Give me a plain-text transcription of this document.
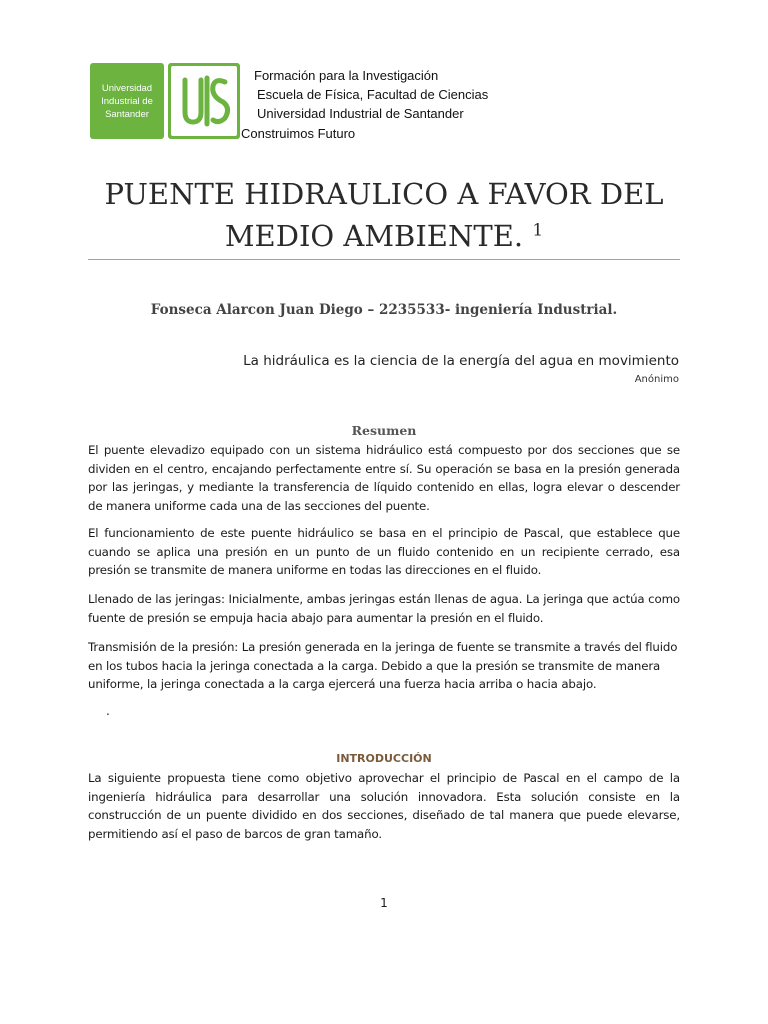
Universidad
Industrial de
Santander
Formación para la Investigación
Escuela de Física, Facultad de Ciencias
Universidad Industrial de Santander
Construimos Futuro
PUENTE HIDRAULICO A FAVOR DEL
MEDIO AMBIENTE. $^1$
Fonseca Alarcon Juan Diego – 2235533- ingeniería Industrial.
La hidráulica es la ciencia de la energía del agua en movimiento
Anónimo
Resumen

El puente elevadizo equipado con un sistema hidráulico está compuesto por dos secciones que se dividen en el centro, encajando perfectamente entre sí. Su operación se basa en la presión generada por las jeringas, y mediante la transferencia de líquido contenido en ellas, logra elevar o descender de manera uniforme cada una de las secciones del puente.

El funcionamiento de este puente hidráulico se basa en el principio de Pascal, que establece que cuando se aplica una presión en un punto de un fluido contenido en un recipiente cerrado, esa presión se transmite de manera uniforme en todas las direcciones en el fluido.

Llenado de las jeringas: Inicialmente, ambas jeringas están llenas de agua. La jeringa que actúa como fuente de presión se empuja hacia abajo para aumentar la presión en el fluido.

Transmisión de la presión: La presión generada en la jeringa de fuente se transmite a través del fluido en los tubos hacia la jeringa conectada a la carga. Debido a que la presión se transmite de manera uniforme, la jeringa conectada a la carga ejercerá una fuerza hacia arriba o hacia abajo.

.
INTRODUCCIÓN

La siguiente propuesta tiene como objetivo aprovechar el principio de Pascal en el campo de la ingeniería hidráulica para desarrollar una solución innovadora. Esta solución consiste en la construcción de un puente dividido en dos secciones, diseñado de tal manera que puede elevarse, permitiendo así el paso de barcos de gran tamaño.

1
